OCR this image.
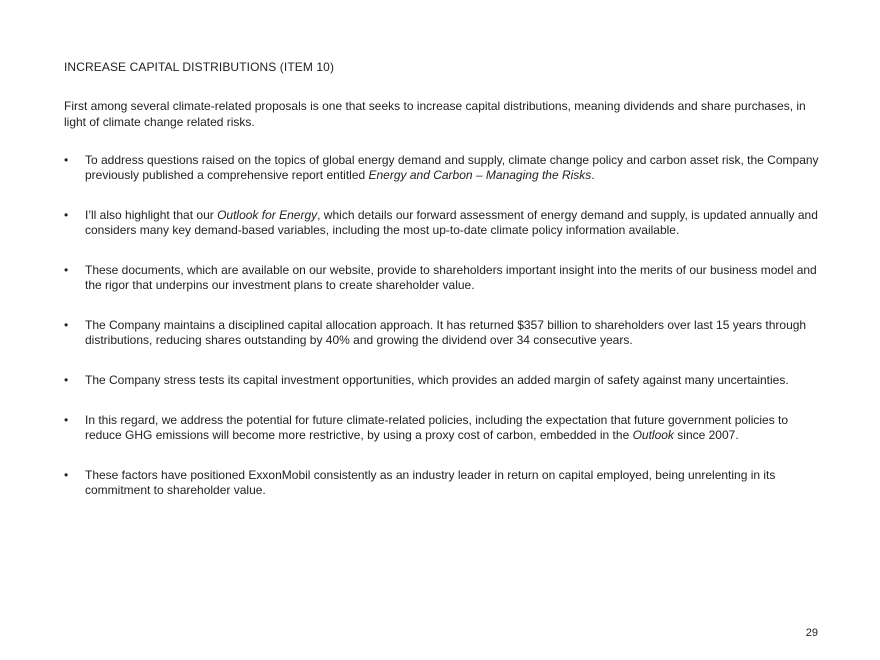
INCREASE CAPITAL DISTRIBUTIONS (ITEM 10)
First among several climate-related proposals is one that seeks to increase capital distributions, meaning dividends and share purchases, in light of climate change related risks.
•	To address questions raised on the topics of global energy demand and supply, climate change policy and carbon asset risk, the Company previously published a comprehensive report entitled Energy and Carbon – Managing the Risks.
•	I’ll also highlight that our Outlook for Energy, which details our forward assessment of energy demand and supply, is updated annually and considers many key demand-based variables, including the most up-to-date climate policy information available.
•	These documents, which are available on our website, provide to shareholders important insight into the merits of our business model and the rigor that underpins our investment plans to create shareholder value.
•	The Company maintains a disciplined capital allocation approach. It has returned $357 billion to shareholders over last 15 years through distributions, reducing shares outstanding by 40% and growing the dividend over 34 consecutive years.
•	The Company stress tests its capital investment opportunities, which provides an added margin of safety against many uncertainties.
•	In this regard, we address the potential for future climate-related policies, including the expectation that future government policies to reduce GHG emissions will become more restrictive, by using a proxy cost of carbon, embedded in the Outlook since 2007.
•	These factors have positioned ExxonMobil consistently as an industry leader in return on capital employed, being unrelenting in its commitment to shareholder value.
29
